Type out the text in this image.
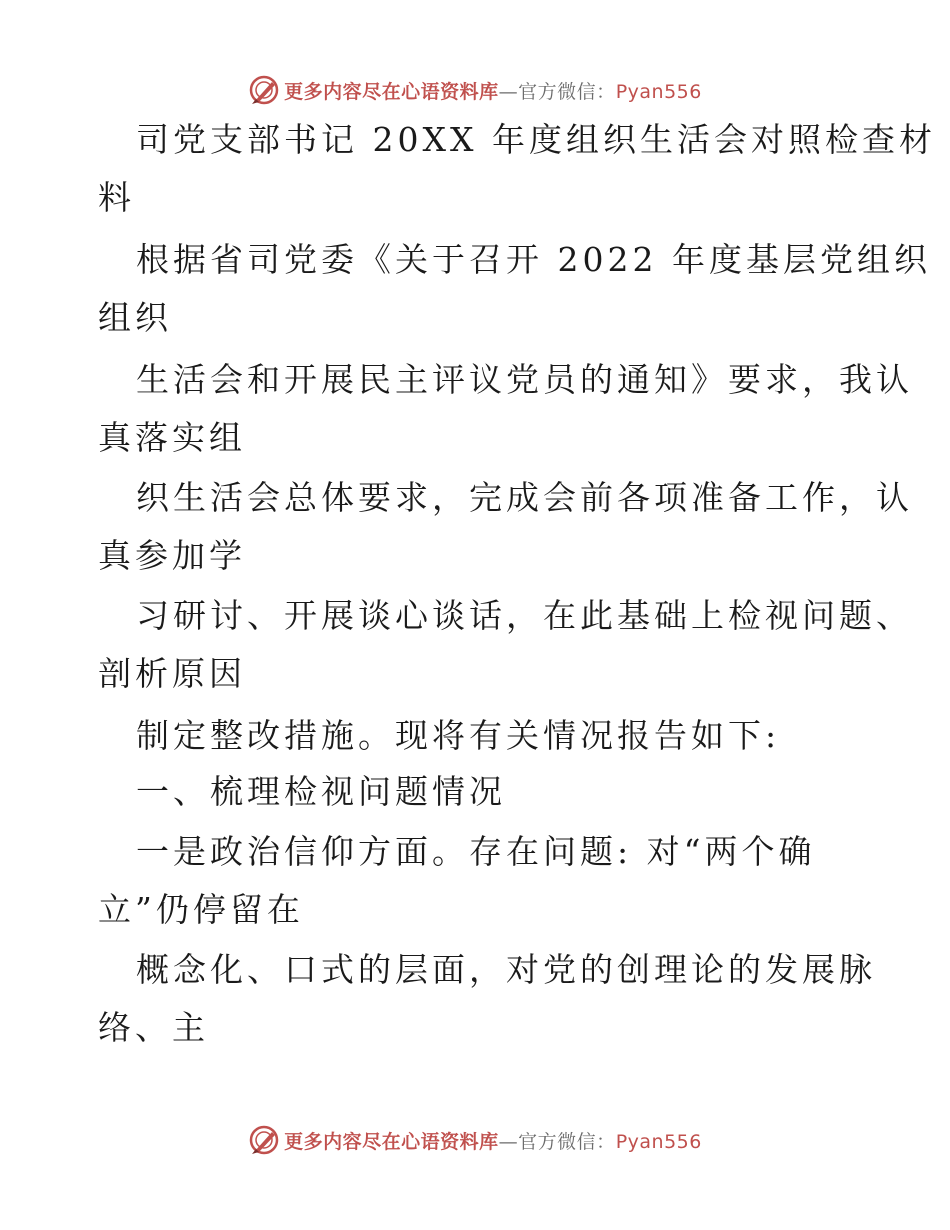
更多内容尽在心语资料库—官方微信：Pyan556
司党支部书记 20XX 年度组织生活会对照检查材
料
根据省司党委《关于召开 2022 年度基层党组织
组织
生活会和开展民主评议党员的通知》要求，我认
真落实组
织生活会总体要求，完成会前各项准备工作，认
真参加学
习研讨、开展谈心谈话，在此基础上检视问题、
剖析原因
制定整改措施。现将有关情况报告如下:
一、梳理检视问题情况
一是政治信仰方面。存在问题: 对“两个确
立”仍停留在
概念化、口式的层面，对党的创理论的发展脉
络、主
更多内容尽在心语资料库—官方微信：Pyan556
